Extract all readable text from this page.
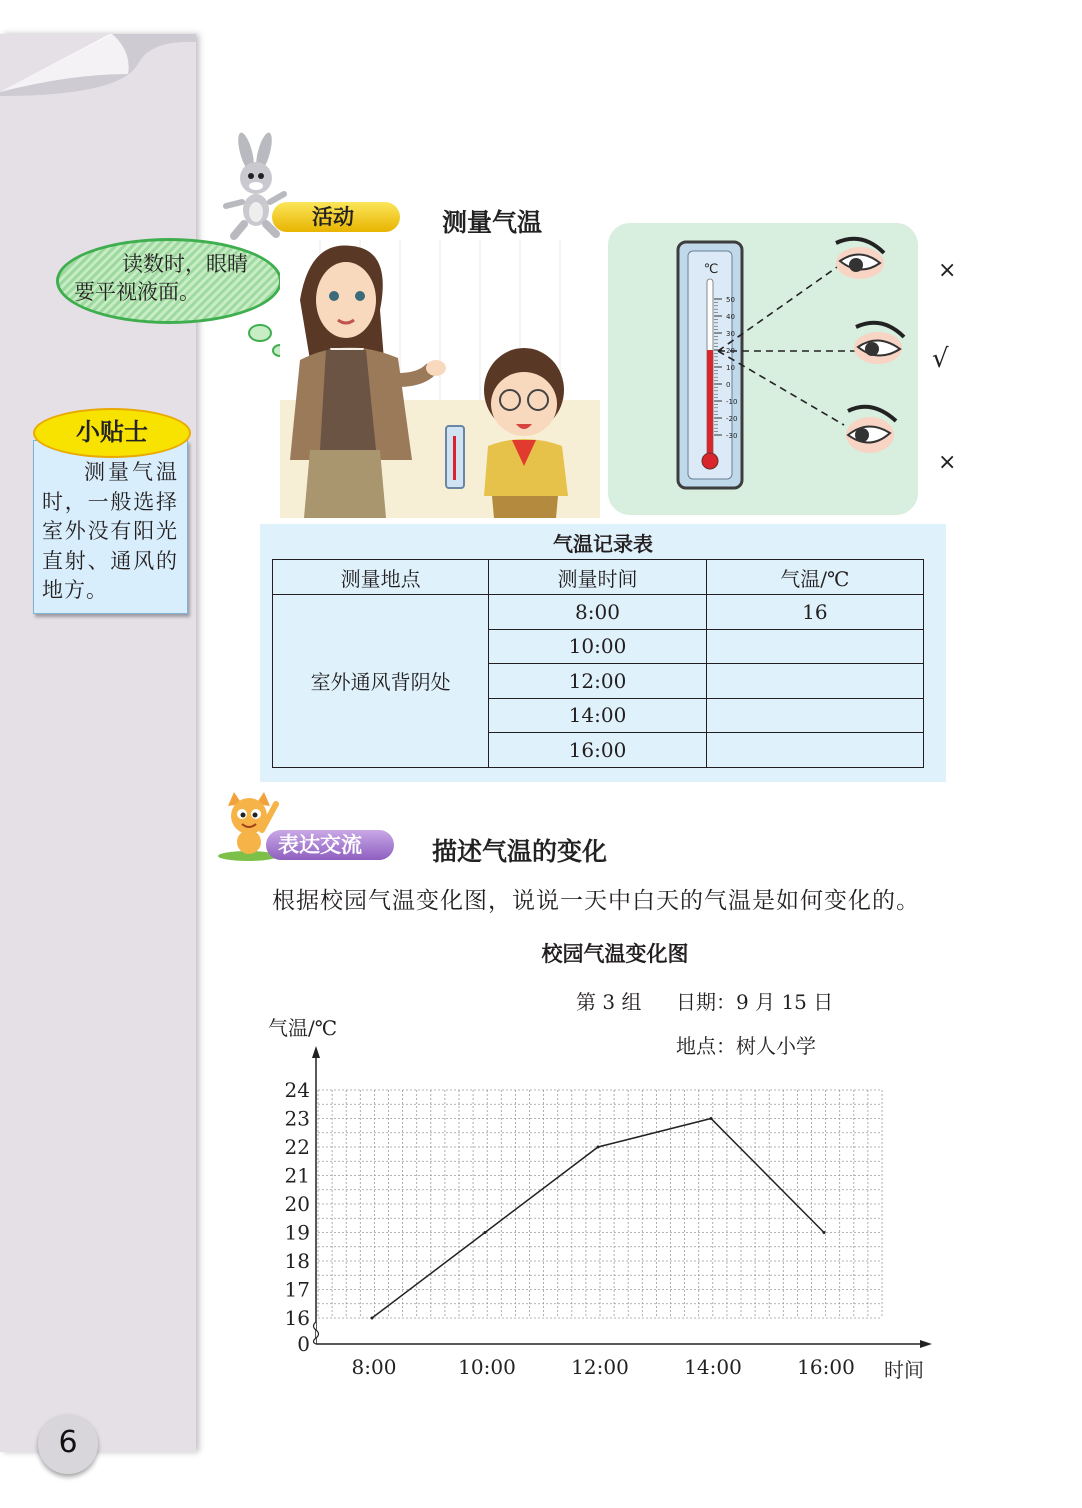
小贴士
测量气温时，一般选择室外没有阳光直射、通风的地方。
6
活动	测量气温
读数时，眼睛
要平视液面。
℃
50
40
30
20
10
0
-10
-20
-30
×
√
×
气温记录表
测量地点	测量时间	气温/℃
室外通风背阴处	8:00	16
	10:00	
	12:00	
	14:00	
	16:00	
表达交流	描述气温的变化
根据校园气温变化图，说说一天中白天的气温是如何变化的。
校园气温变化图
第 3 组 日期：9 月 15 日
地点：树人小学
气温/℃
时间
0
16
17
18
19
20
21
22
23
24
8:00	10:00	12:00	14:00	16:00
